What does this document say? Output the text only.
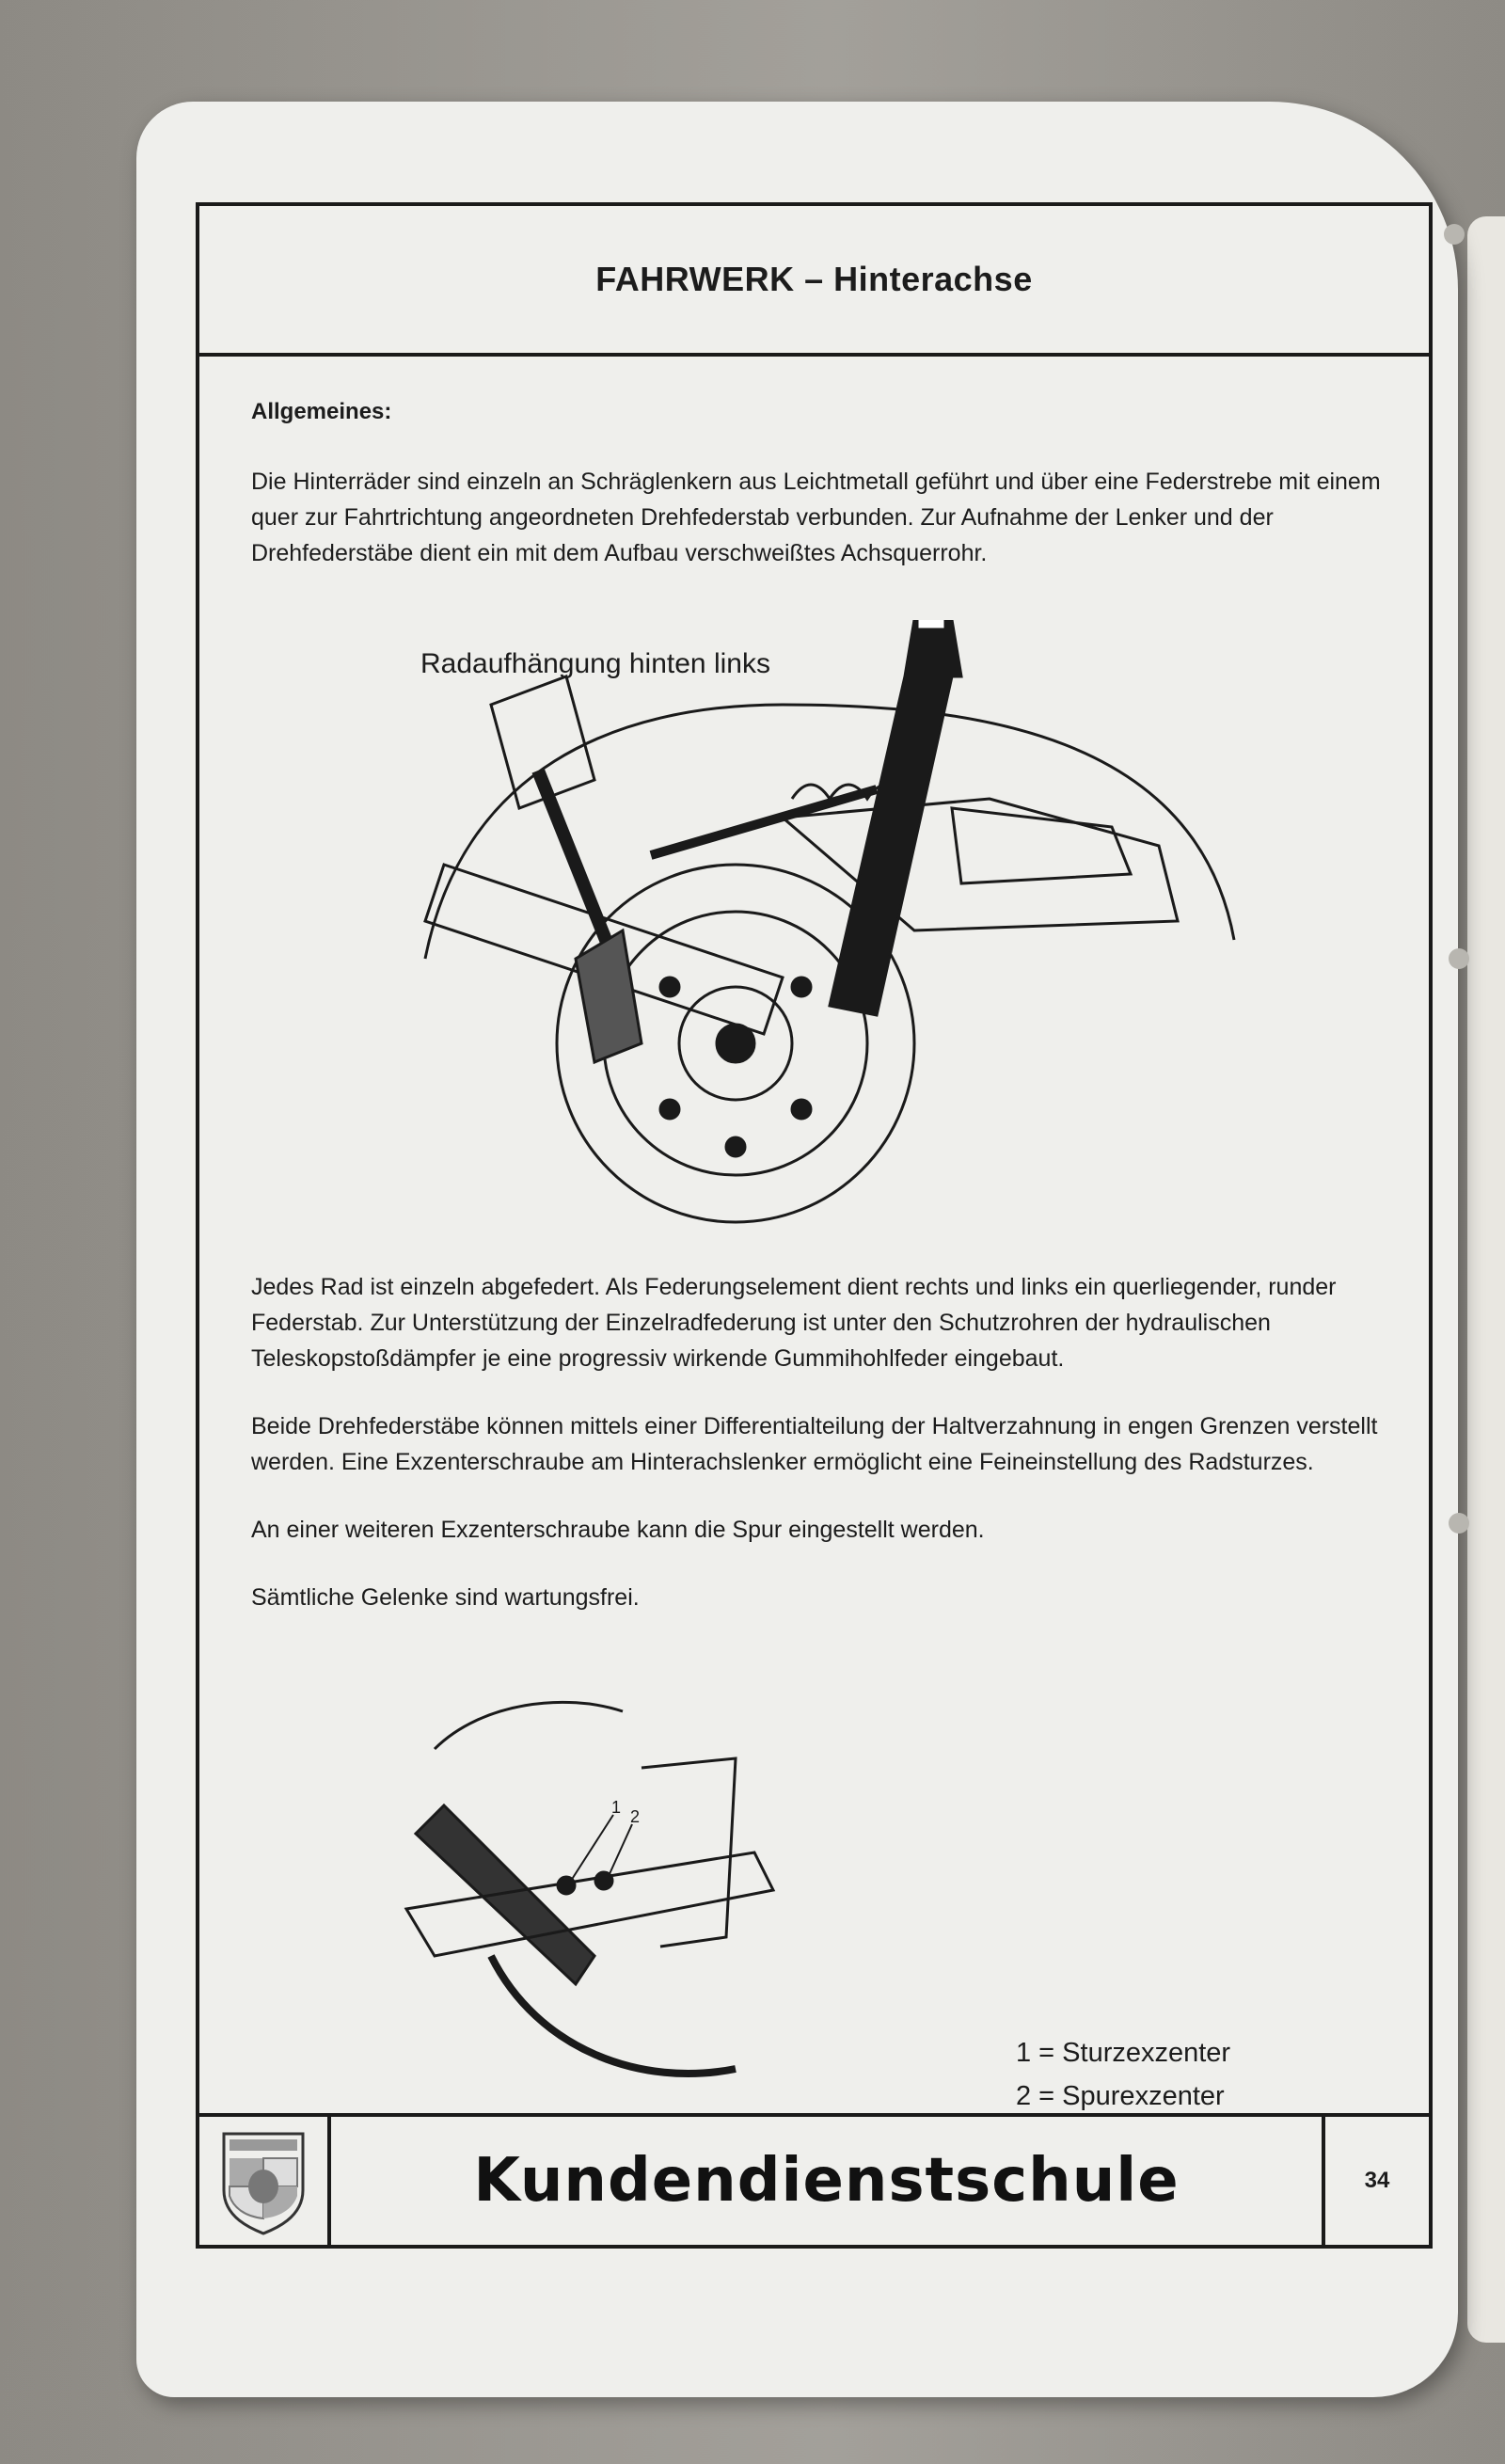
FAHRWERK – Hinterachse
Allgemeines:

Die Hinterräder sind einzeln an Schräglenkern aus Leichtmetall geführt und über eine Federstrebe mit einem quer zur Fahrtrichtung angeordneten Drehfederstab verbunden. Zur Aufnahme der Lenker und der Drehfederstäbe dient ein mit dem Aufbau verschweißtes Achsquerrohr.

Radaufhängung hinten links

Jedes Rad ist einzeln abgefedert. Als Federungselement dient rechts und links ein querliegender, runder Federstab. Zur Unterstützung der Einzelradfederung ist unter den Schutzrohren der hydraulischen Teleskopstoßdämpfer je eine progressiv wirkende Gummihohlfeder eingebaut.

Beide Drehfederstäbe können mittels einer Differentialteilung der Haltverzahnung in engen Grenzen verstellt werden. Eine Exzenterschraube am Hinterachslenker ermöglicht eine Feineinstellung des Radsturzes.

An einer weiteren Exzenterschraube kann die Spur eingestellt werden.

Sämtliche Gelenke sind wartungsfrei.

1 2
1 = Sturzexzenter
2 = Spurexzenter
Kundendienstschule	34
